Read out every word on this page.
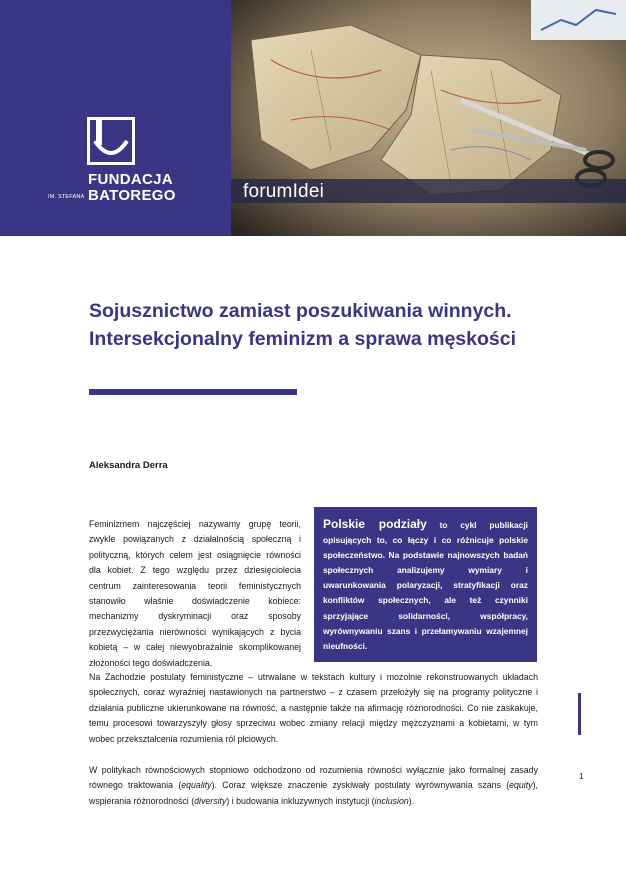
FUNDACJA
IM. STEFANA BATOREGO	forumIdei
Sojusznictwo zamiast poszukiwania winnych. Intersekcjonalny feminizm a sprawa męskości
Aleksandra Derra
Polskie podziały to cykl publikacji opisujących to, co łączy i co różnicuje polskie społeczeństwo. Na podstawie najnowszych badań społecznych analizujemy wymiary i uwarunkowania polaryzacji, stratyfikacji oraz konfliktów społecznych, ale też czynniki sprzyjające solidarności, współpracy, wyrównywaniu szans i przełamywaniu wzajemnej nieufności.

Feminizmem najczęściej nazywamy grupę teorii, zwykle powiązanych z działalnością społeczną i polityczną, których celem jest osiągnięcie równości dla kobiet. Z tego względu przez dziesięciolecia centrum zainteresowania teorii feministycznych stanowiło właśnie doświadczenie kobiece: mechanizmy dyskryminacji oraz sposoby przezwyciężania nierówności wynikających z bycia kobietą – w całej niewyobrażalnie skomplikowanej złożoności tego doświadczenia.

Na Zachodzie postulaty feministyczne – utrwalane w tekstach kultury i mozolnie rekonstruowanych układach społecznych, coraz wyraźniej nastawionych na partnerstwo – z czasem przełożyły się na programy polityczne i działania publiczne ukierunkowane na równość, a następnie także na afirmację różnorodności. Co nie zaskakuje, temu procesowi towarzyszyły głosy sprzeciwu wobec zmiany relacji między mężczyznami a kobietami, w tym wobec przekształcenia rozumienia ról płciowych.

W politykach równościowych stopniowo odchodzono od rozumienia równości wyłącznie jako formalnej zasady równego traktowania (equality). Coraz większe znaczenie zyskiwały postulaty wyrównywania szans (equity), wspierania różnorodności (diversity) i budowania inkluzywnych instytucji (inclusion).

1
